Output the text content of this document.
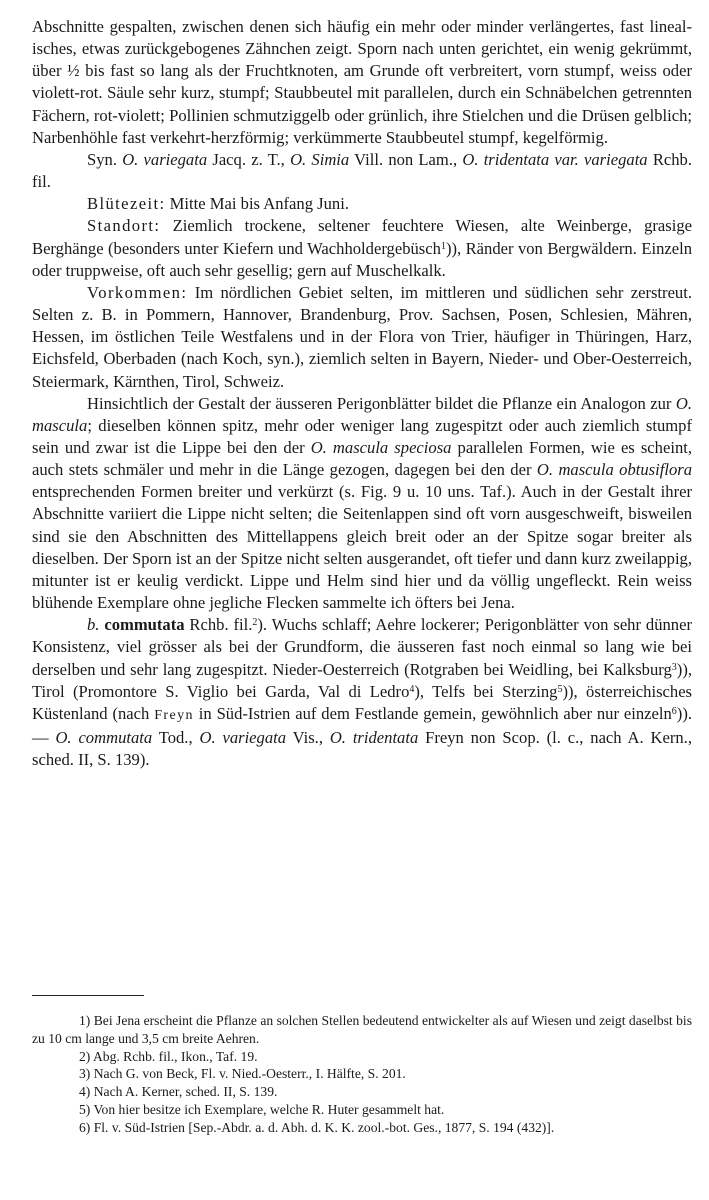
Abschnitte gespalten, zwischen denen sich häufig ein mehr oder minder verlängertes, fast linealisches, etwas zurückgebogenes Zähnchen zeigt. Sporn nach unten gerichtet, ein wenig gekrümmt, über ½ bis fast so lang als der Fruchtknoten, am Grunde oft verbreitert, vorn stumpf, weiss oder violett-rot. Säule sehr kurz, stumpf; Staubbeutel mit parallelen, durch ein Schnäbelchen getrennten Fächern, rot-violett; Pollinien schmutziggelb oder grünlich, ihre Stielchen und die Drüsen gelblich; Narbenhöhle fast verkehrt-herzförmig; verkümmerte Staubbeutel stumpf, kegelförmig.

Syn. O. variegata Jacq. z. T., O. Simia Vill. non Lam., O. tridentata var. variegata Rchb. fil.

Blütezeit: Mitte Mai bis Anfang Juni.

Standort: Ziemlich trockene, seltener feuchtere Wiesen, alte Weinberge, grasige Berghänge (besonders unter Kiefern und Wachholdergebüsch$^1$)), Ränder von Bergwäldern. Einzeln oder truppweise, oft auch sehr gesellig; gern auf Muschelkalk.

Vorkommen: Im nördlichen Gebiet selten, im mittleren und südlichen sehr zerstreut. Selten z. B. in Pommern, Hannover, Brandenburg, Prov. Sachsen, Posen, Schlesien, Mähren, Hessen, im östlichen Teile Westfalens und in der Flora von Trier, häufiger in Thüringen, Harz, Eichsfeld, Oberbaden (nach Koch, syn.), ziemlich selten in Bayern, Nieder- und Ober-Oesterreich, Steiermark, Kärnthen, Tirol, Schweiz.

Hinsichtlich der Gestalt der äusseren Perigonblätter bildet die Pflanze ein Analogon zur O. mascula; dieselben können spitz, mehr oder weniger lang zugespitzt oder auch ziemlich stumpf sein und zwar ist die Lippe bei den der O. mascula speciosa parallelen Formen, wie es scheint, auch stets schmäler und mehr in die Länge gezogen, dagegen bei den der O. mascula obtusiflora entsprechenden Formen breiter und verkürzt (s. Fig. 9 u. 10 uns. Taf.). Auch in der Gestalt ihrer Abschnitte variiert die Lippe nicht selten; die Seitenlappen sind oft vorn ausgeschweift, bisweilen sind sie den Abschnitten des Mittellappens gleich breit oder an der Spitze sogar breiter als dieselben. Der Sporn ist an der Spitze nicht selten ausgerandet, oft tiefer und dann kurz zweilappig, mitunter ist er keulig verdickt. Lippe und Helm sind hier und da völlig ungefleckt. Rein weiss blühende Exemplare ohne jegliche Flecken sammelte ich öfters bei Jena.

b. commutata Rchb. fil.$^2$). Wuchs schlaff; Aehre lockerer; Perigonblätter von sehr dünner Konsistenz, viel grösser als bei der Grundform, die äusseren fast noch einmal so lang wie bei derselben und sehr lang zugespitzt. Nieder-Oesterreich (Rotgraben bei Weidling, bei Kalksburg$^3$)), Tirol (Promontore S. Viglio bei Garda, Val di Ledro$^4$), Telfs bei Sterzing$^5$)), österreichisches Küstenland (nach Freyn in Süd-Istrien auf dem Festlande gemein, gewöhnlich aber nur einzeln$^6$)). — O. commutata Tod., O. variegata Vis., O. tridentata Freyn non Scop. (l. c., nach A. Kern., sched. II, S. 139).

1) Bei Jena erscheint die Pflanze an solchen Stellen bedeutend entwickelter als auf Wiesen und zeigt daselbst bis zu 10 cm lange und 3,5 cm breite Aehren.

2) Abg. Rchb. fil., Ikon., Taf. 19.

3) Nach G. von Beck, Fl. v. Nied.-Oesterr., I. Hälfte, S. 201.

4) Nach A. Kerner, sched. II, S. 139.

5) Von hier besitze ich Exemplare, welche R. Huter gesammelt hat.

6) Fl. v. Süd-Istrien [Sep.-Abdr. a. d. Abh. d. K. K. zool.-bot. Ges., 1877, S. 194 (432)].
